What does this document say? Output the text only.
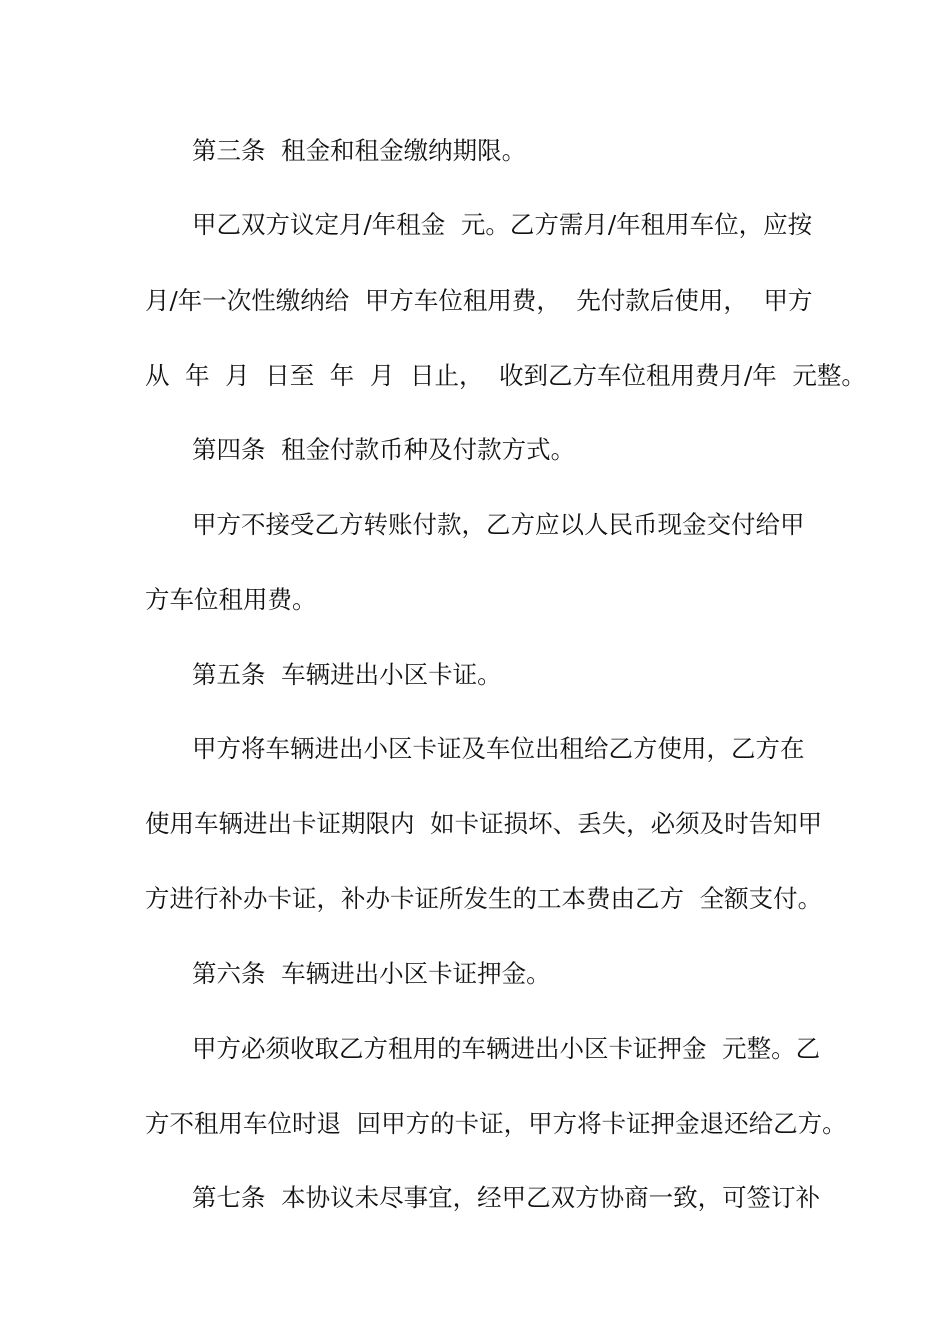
第三条  租金和租金缴纳期限。
甲乙双方议定月/年租金  元。乙方需月/年租用车位，应按
月/年一次性缴纳给  甲方车位租用费，  先付款后使用，  甲方
从  年  月  日至  年  月  日止，  收到乙方车位租用费月/年  元整。
第四条  租金付款币种及付款方式。
甲方不接受乙方转账付款，乙方应以人民币现金交付给甲
方车位租用费。
第五条  车辆进出小区卡证。
甲方将车辆进出小区卡证及车位出租给乙方使用，乙方在
使用车辆进出卡证期限内  如卡证损坏、丢失，必须及时告知甲
方进行补办卡证，补办卡证所发生的工本费由乙方  全额支付。
第六条  车辆进出小区卡证押金。
甲方必须收取乙方租用的车辆进出小区卡证押金  元整。乙
方不租用车位时退  回甲方的卡证，甲方将卡证押金退还给乙方。
第七条  本协议未尽事宜，经甲乙双方协商一致，可签订补
